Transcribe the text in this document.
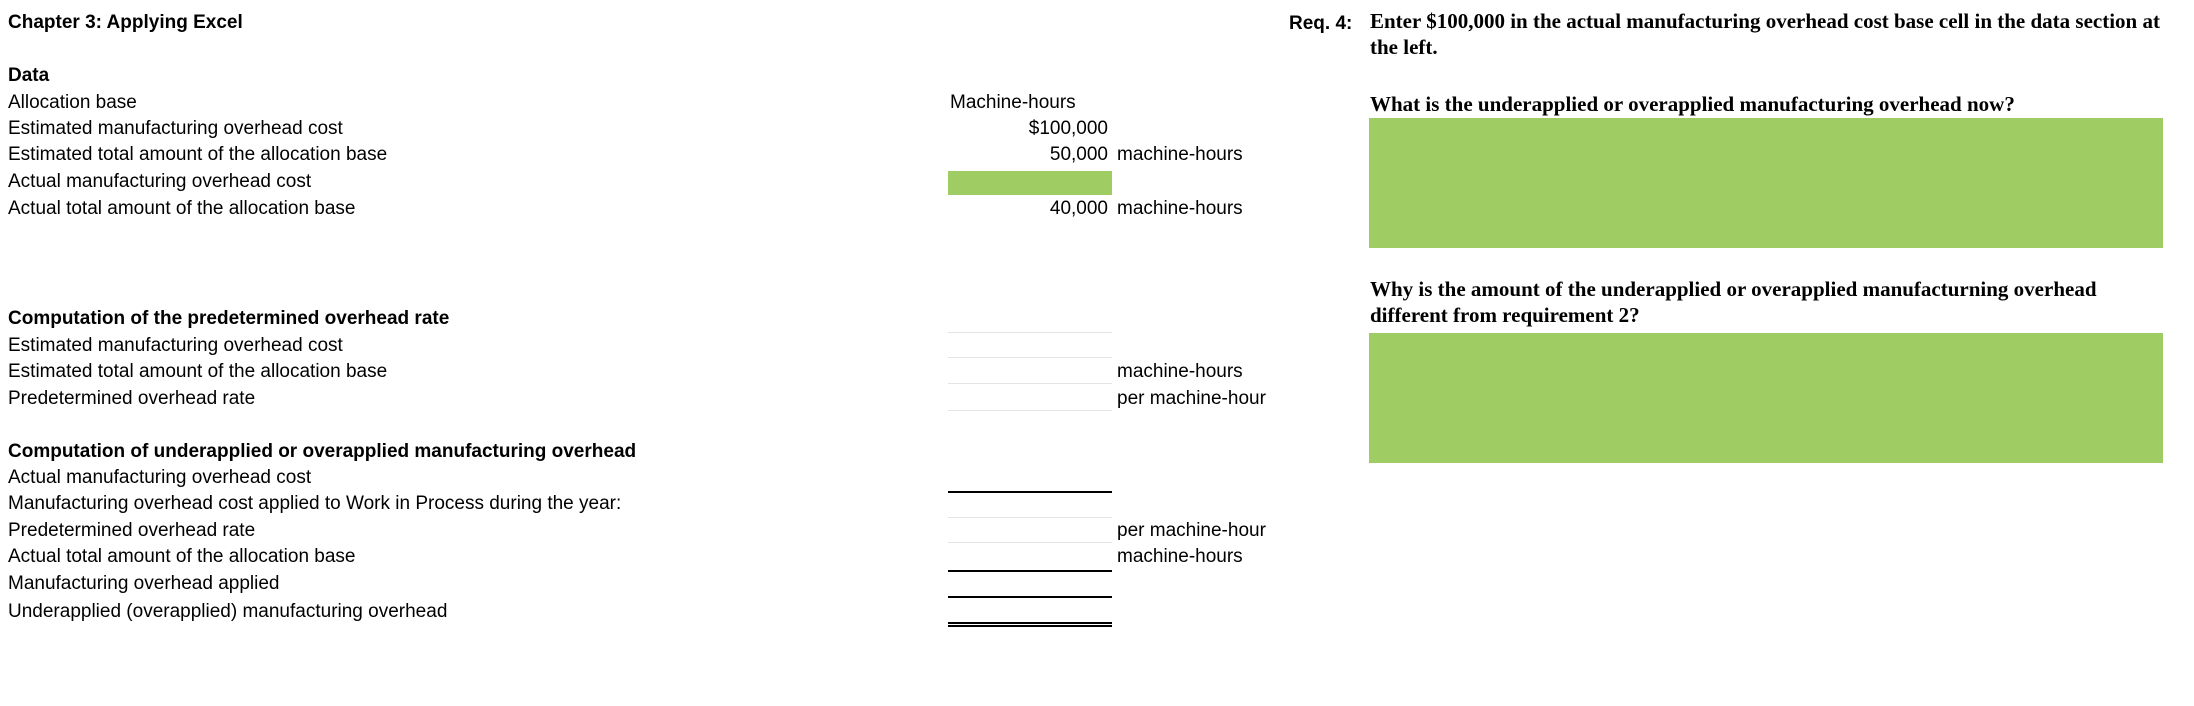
Chapter 3: Applying Excel
Data
Allocation base	Machine-hours
Estimated manufacturing overhead cost	$100,000
Estimated total amount of the allocation base	50,000 machine-hours
Actual manufacturing overhead cost
Actual total amount of the allocation base	40,000 machine-hours
Computation of the predetermined overhead rate
Estimated manufacturing overhead cost
Estimated total amount of the allocation base	machine-hours
Predetermined overhead rate	per machine-hour
Computation of underapplied or overapplied manufacturing overhead
Actual manufacturing overhead cost
Manufacturing overhead cost applied to Work in Process during the year:
Predetermined overhead rate	per machine-hour
Actual total amount of the allocation base	machine-hours
Manufacturing overhead applied
Underapplied (overapplied) manufacturing overhead
Req. 4: Enter $100,000 in the actual manufacturing overhead cost base cell in the data section at the left.
What is the underapplied or overapplied manufacturing overhead now?
Why is the amount of the underapplied or overapplied manufacturning overhead different from requirement 2?
